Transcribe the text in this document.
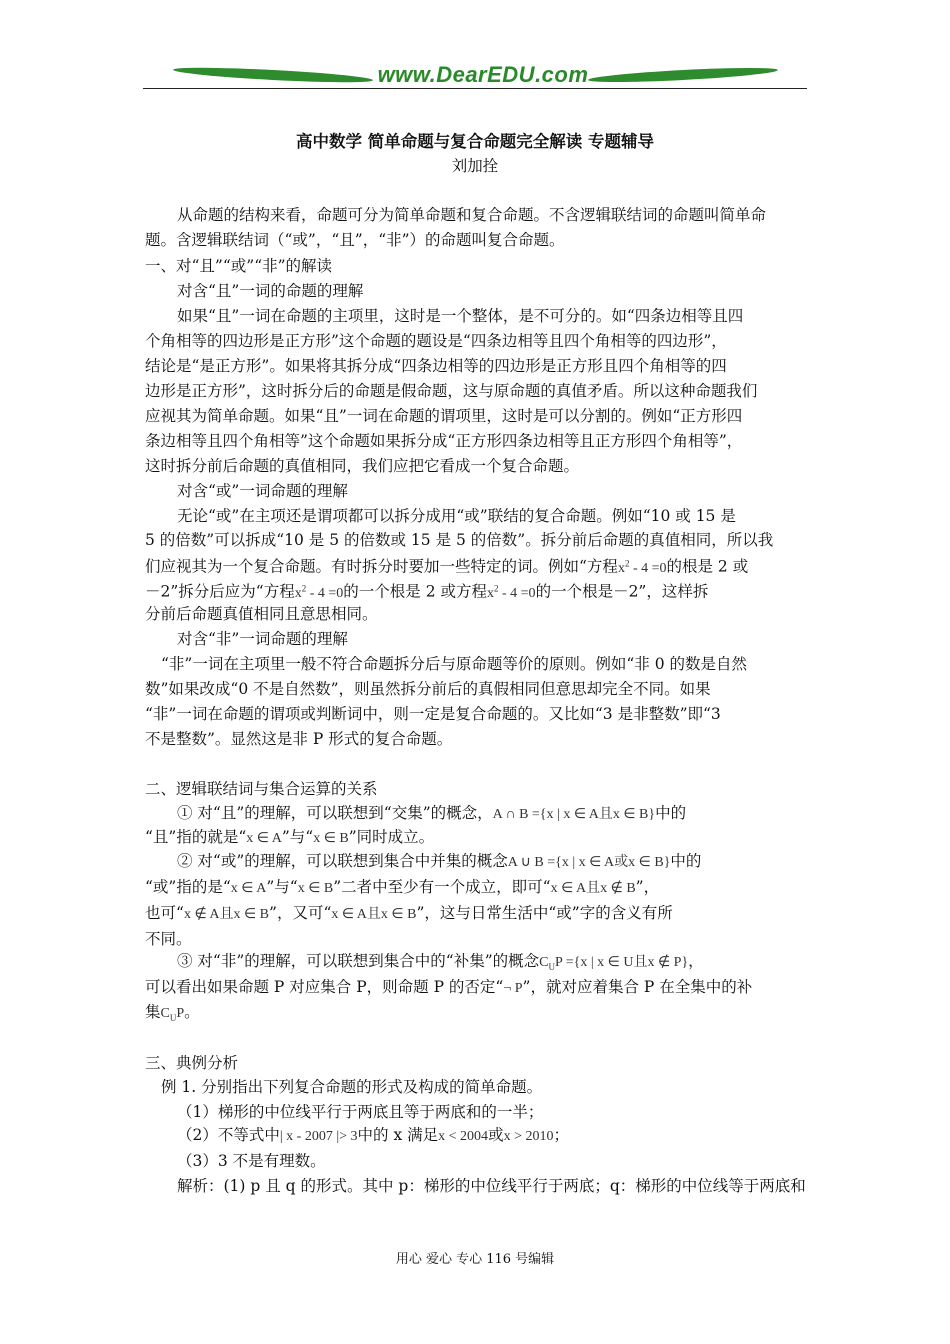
www.DearEDU.com
高中数学 简单命题与复合命题完全解读 专题辅导
刘加拴
从命题的结构来看，命题可分为简单命题和复合命题。不含逻辑联结词的命题叫简单命
题。含逻辑联结词（“或”，“且”，“非”）的命题叫复合命题。
一、对“且”“或”“非”的解读
对含“且”一词的命题的理解
如果“且”一词在命题的主项里，这时是一个整体，是不可分的。如“四条边相等且四
个角相等的四边形是正方形”这个命题的题设是“四条边相等且四个角相等的四边形”，
结论是“是正方形”。如果将其拆分成“四条边相等的四边形是正方形且四个角相等的四
边形是正方形”，这时拆分后的命题是假命题，这与原命题的真值矛盾。所以这种命题我们
应视其为简单命题。如果“且”一词在命题的谓项里，这时是可以分割的。例如“正方形四
条边相等且四个角相等”这个命题如果拆分成“正方形四条边相等且正方形四个角相等”，
这时拆分前后命题的真值相同，我们应把它看成一个复合命题。
对含“或”一词命题的理解
无论“或”在主项还是谓项都可以拆分成用“或”联结的复合命题。例如“10 或 15 是
5 的倍数”可以拆成“10 是 5 的倍数或 15 是 5 的倍数”。拆分前后命题的真值相同，所以我
们应视其为一个复合命题。有时拆分时要加一些特定的词。例如“方程$x^2 - 4 =0$的根是 2 或
－2”拆分后应为“方程$x^2 - 4 =0$的一个根是 2 或方程$x^2 - 4 =0$的一个根是－2”，这样拆
分前后命题真值相同且意思相同。
对含“非”一词命题的理解
“非”一词在主项里一般不符合命题拆分后与原命题等价的原则。例如“非 0 的数是自然
数”如果改成“0 不是自然数”，则虽然拆分前后的真假相同但意思却完全不同。如果
“非”一词在命题的谓项或判断词中，则一定是复合命题的。又比如“3 是非整数”即“3
不是整数”。显然这是非 P 形式的复合命题。
二、逻辑联结词与集合运算的关系
① 对“且”的理解，可以联想到“交集”的概念，A ∩ B ={x | x ∈ A且x ∈ B}中的
“且”指的就是“x ∈ A”与“x ∈ B”同时成立。
② 对“或”的理解，可以联想到集合中并集的概念A ∪ B ={x | x ∈ A或x ∈ B}中的
“或”指的是“x ∈ A”与“x ∈ B”二者中至少有一个成立，即可“x ∈ A且x ∉ B”，
也可“x ∉ A且x ∈ B”，又可“x ∈ A且x ∈ B”，这与日常生活中“或”字的含义有所
不同。
③ 对“非”的理解，可以联想到集合中的“补集”的概念$C_UP =\{x$ | x ∈ U且x ∉ P}，
可以看出如果命题 P 对应集合 P，则命题 P 的否定“¬ P”，就对应着集合 P 在全集中的补
集$C_UP$。
三、典例分析
例 1. 分别指出下列复合命题的形式及构成的简单命题。
（1）梯形的中位线平行于两底且等于两底和的一半；
（2）不等式中| x - 2007 |> 3中的 x 满足x < 2004或x > 2010；
（3）3 不是有理数。
解析：(1) p 且 q 的形式。其中 p：梯形的中位线平行于两底；q：梯形的中位线等于两底和
用心 爱心 专心 116 号编辑
